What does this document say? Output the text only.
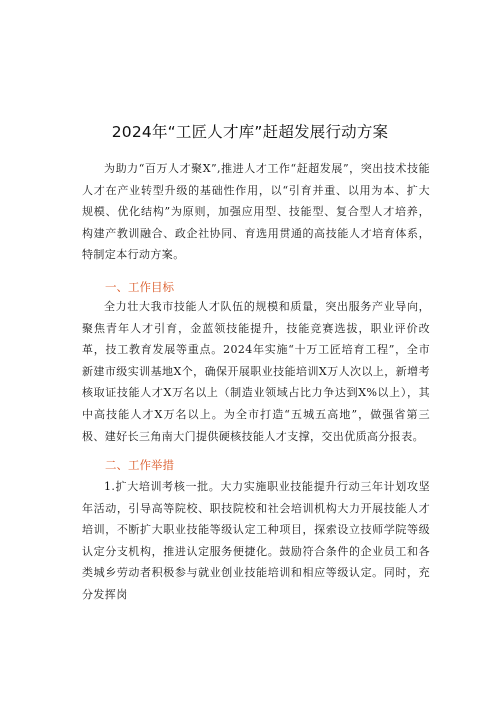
2024年“工匠人才库”赶超发展行动方案

为助力“百万人才聚X”,推进人才工作“赶超发展”，突出技术技能人才在产业转型升级的基础性作用，以“引育并重、以用为本、扩大规模、优化结构”为原则，加强应用型、技能型、复合型人才培养，构建产教训融合、政企社协同、育选用贯通的高技能人才培育体系，特制定本行动方案。

一、工作目标

全力壮大我市技能人才队伍的规模和质量，突出服务产业导向，聚焦青年人才引育，金蓝领技能提升，技能竞赛选拔，职业评价改革，技工教育发展等重点。2024年实施“十万工匠培育工程”，全市新建市级实训基地X个，确保开展职业技能培训X万人次以上，新增考核取证技能人才X万名以上（制造业领域占比力争达到X%以上），其中高技能人才X万名以上。为全市打造“五城五高地”，做强省第三极、建好长三角南大门提供硬核技能人才支撑，交出优质高分报表。

二、工作举措

1.扩大培训考核一批。大力实施职业技能提升行动三年计划攻坚年活动，引导高等院校、职技院校和社会培训机构大力开展技能人才培训，不断扩大职业技能等级认定工种项目，探索设立技师学院等级认定分支机构，推进认定服务便捷化。鼓励符合条件的企业员工和各类城乡劳动者积极参与就业创业技能培训和相应等级认定。同时，充分发挥岗
